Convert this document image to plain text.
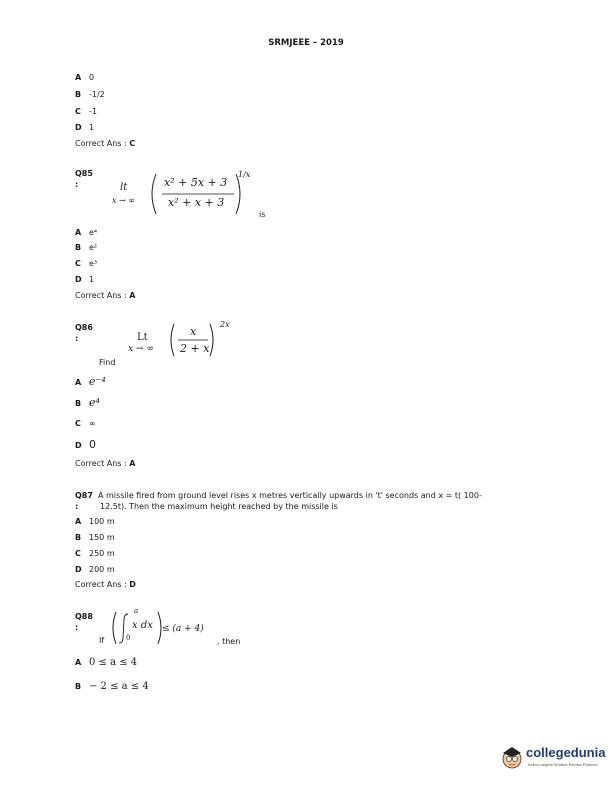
SRMJEEE – 2019
A 0
B -1/2
C -1
D 1
Correct Ans : C
Q85
:	lt
x → ∞
x² + 5x + 3
x² + x + 3
1/x
is
A e⁴
B e²
C e³
D 1
Correct Ans : A
Q86
:	Lt
x → ∞
x
2 + x
2x
Find
A e⁻⁴
B e⁴
C ∞
D 0
Correct Ans : A
Q87
:
A missile fired from ground level rises x metres vertically upwards in 't' seconds and x = t( 100-
12.5t). Then the maximum height reached by the missile is
A 100 m
B 150 m
C 250 m
D 200 m
Correct Ans : D
Q88
:
If
a
0
x dx ≤ (a + 4)
, then
A 0 ≤ a ≤ 4
B − 2 ≤ a ≤ 4
collegedunia
India's largest Student Review Platform
